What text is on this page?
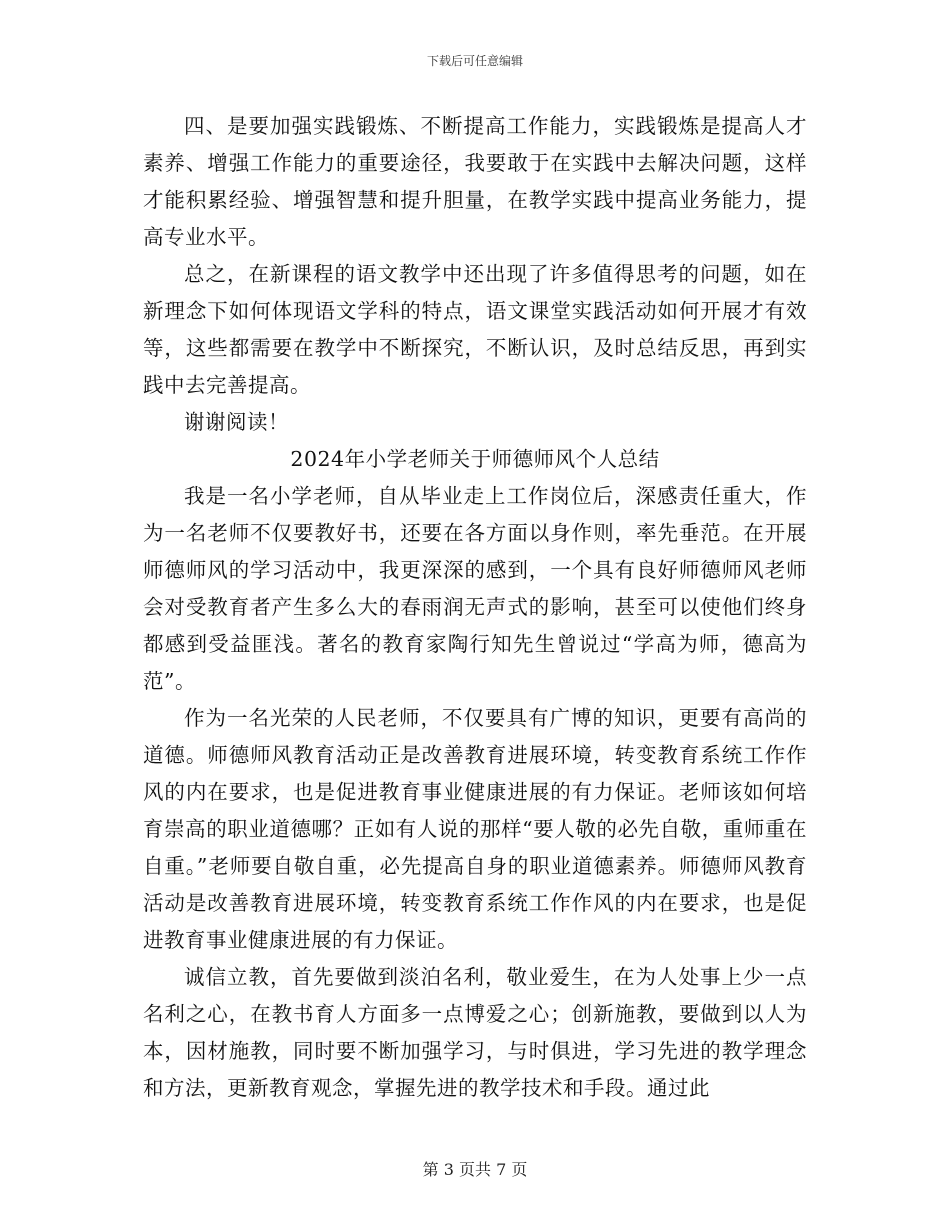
下载后可任意编辑

四、是要加强实践锻炼、不断提高工作能力，实践锻炼是提高人才素养、增强工作能力的重要途径，我要敢于在实践中去解决问题，这样才能积累经验、增强智慧和提升胆量，在教学实践中提高业务能力，提高专业水平。

总之，在新课程的语文教学中还出现了许多值得思考的问题，如在新理念下如何体现语文学科的特点，语文课堂实践活动如何开展才有效等，这些都需要在教学中不断探究，不断认识，及时总结反思，再到实践中去完善提高。

谢谢阅读！

2024年小学老师关于师德师风个人总结

我是一名小学老师，自从毕业走上工作岗位后，深感责任重大，作为一名老师不仅要教好书，还要在各方面以身作则，率先垂范。在开展师德师风的学习活动中，我更深深的感到，一个具有良好师德师风老师会对受教育者产生多么大的春雨润无声式的影响，甚至可以使他们终身都感到受益匪浅。著名的教育家陶行知先生曾说过“学高为师，德高为范”。

作为一名光荣的人民老师，不仅要具有广博的知识，更要有高尚的道德。师德师风教育活动正是改善教育进展环境，转变教育系统工作作风的内在要求，也是促进教育事业健康进展的有力保证。老师该如何培育崇高的职业道德哪？正如有人说的那样“要人敬的必先自敬，重师重在自重。”老师要自敬自重，必先提高自身的职业道德素养。师德师风教育活动是改善教育进展环境，转变教育系统工作作风的内在要求，也是促进教育事业健康进展的有力保证。

诚信立教，首先要做到淡泊名利，敬业爱生，在为人处事上少一点名利之心，在教书育人方面多一点博爱之心；创新施教，要做到以人为本，因材施教，同时要不断加强学习，与时俱进，学习先进的教学理念和方法，更新教育观念，掌握先进的教学技术和手段。通过此

第 3 页共 7 页
